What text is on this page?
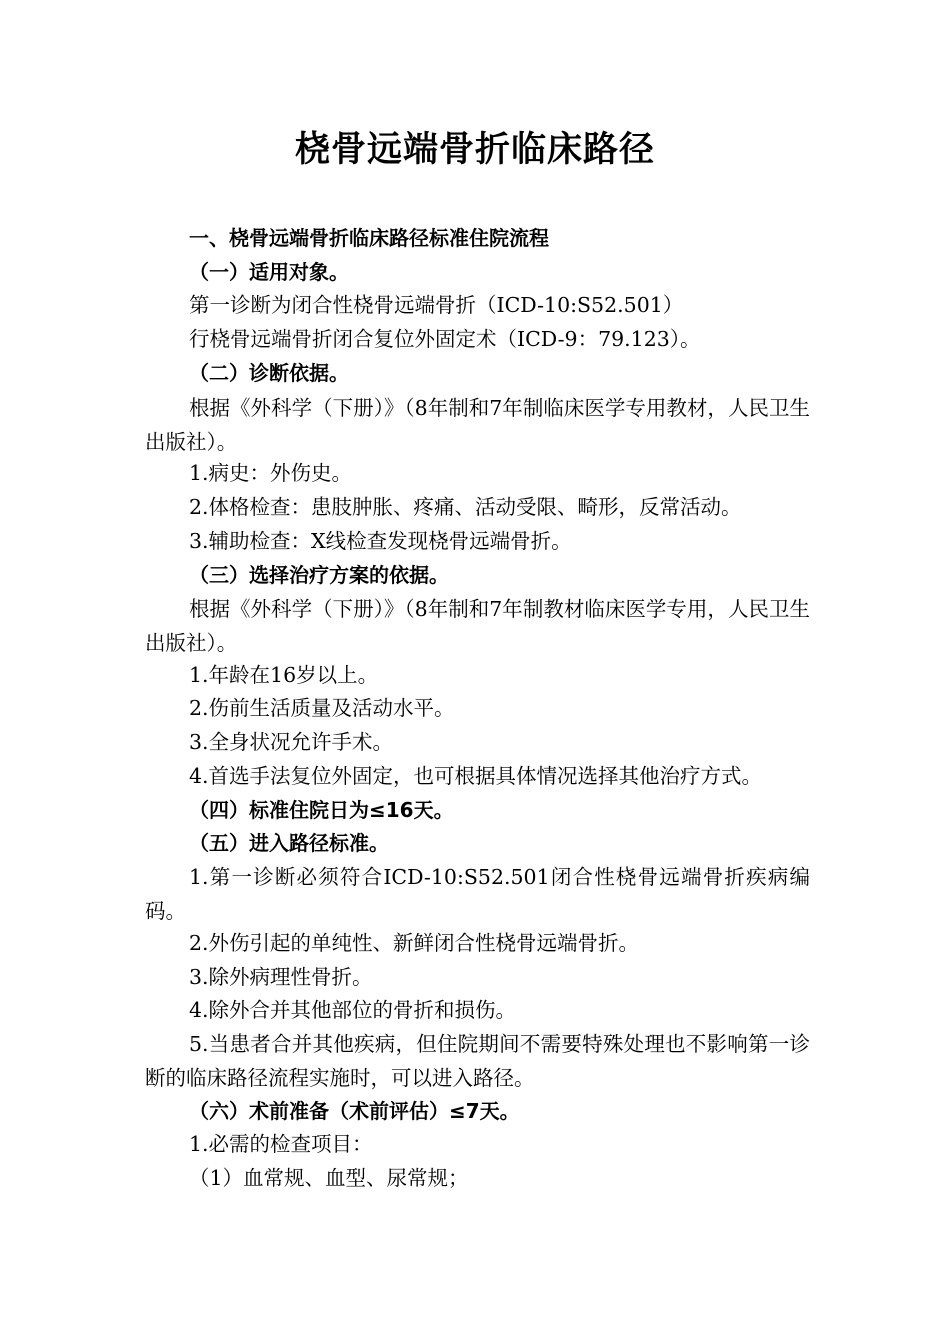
桡骨远端骨折临床路径
一、桡骨远端骨折临床路径标准住院流程
（一）适用对象。
第一诊断为闭合性桡骨远端骨折（ICD-10:S52.501）
行桡骨远端骨折闭合复位外固定术（ICD-9：79.123）。
（二）诊断依据。
根据《外科学（下册）》（8年制和7年制临床医学专用教材，人民卫生出版社）。
1.病史：外伤史。
2.体格检查：患肢肿胀、疼痛、活动受限、畸形，反常活动。
3.辅助检查：X线检查发现桡骨远端骨折。
（三）选择治疗方案的依据。
根据《外科学（下册）》（8年制和7年制教材临床医学专用，人民卫生出版社）。
1.年龄在16岁以上。
2.伤前生活质量及活动水平。
3.全身状况允许手术。
4.首选手法复位外固定，也可根据具体情况选择其他治疗方式。
（四）标准住院日为≤16天。
（五）进入路径标准。
1.第一诊断必须符合ICD-10:S52.501闭合性桡骨远端骨折疾病编码。
2.外伤引起的单纯性、新鲜闭合性桡骨远端骨折。
3.除外病理性骨折。
4.除外合并其他部位的骨折和损伤。
5.当患者合并其他疾病，但住院期间不需要特殊处理也不影响第一诊断的临床路径流程实施时，可以进入路径。
（六）术前准备（术前评估）≤7天。
1.必需的检查项目：
（1）血常规、血型、尿常规；
